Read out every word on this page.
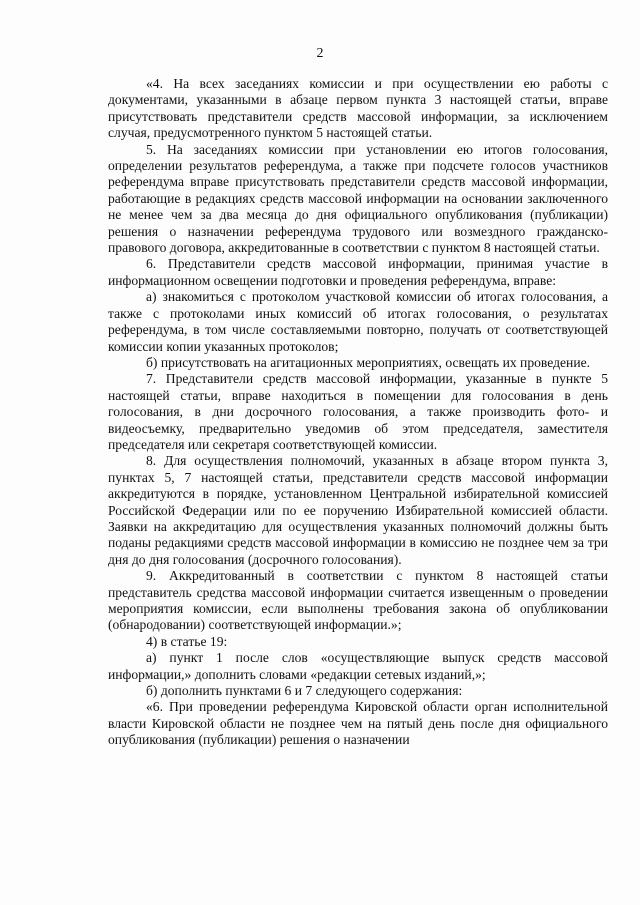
2

«4. На всех заседаниях комиссии и при осуществлении ею работы с документами, указанными в абзаце первом пункта 3 настоящей статьи, вправе присутствовать представители средств массовой информации, за исключением случая, предусмотренного пунктом 5 настоящей статьи.

5. На заседаниях комиссии при установлении ею итогов голосования, определении результатов референдума, а также при подсчете голосов участников референдума вправе присутствовать представители средств массовой информации, работающие в редакциях средств массовой информации на основании заключенного не менее чем за два месяца до дня официального опубликования (публикации) решения о назначении референдума трудового или возмездного гражданско-правового договора, аккредитованные в соответствии с пунктом 8 настоящей статьи.

6. Представители средств массовой информации, принимая участие в информационном освещении подготовки и проведения референдума, вправе:

а) знакомиться с протоколом участковой комиссии об итогах голосования, а также с протоколами иных комиссий об итогах голосования, о результатах референдума, в том числе составляемыми повторно, получать от соответствующей комиссии копии указанных протоколов;

б) присутствовать на агитационных мероприятиях, освещать их проведение.

7. Представители средств массовой информации, указанные в пункте 5 настоящей статьи, вправе находиться в помещении для голосования в день голосования, в дни досрочного голосования, а также производить фото- и видеосъемку, предварительно уведомив об этом председателя, заместителя председателя или секретаря соответствующей комиссии.

8. Для осуществления полномочий, указанных в абзаце втором пункта 3, пунктах 5, 7 настоящей статьи, представители средств массовой информации аккредитуются в порядке, установленном Центральной избирательной комиссией Российской Федерации или по ее поручению Избирательной комиссией области. Заявки на аккредитацию для осуществления указанных полномочий должны быть поданы редакциями средств массовой информации в комиссию не позднее чем за три дня до дня голосования (досрочного голосования).

9. Аккредитованный в соответствии с пунктом 8 настоящей статьи представитель средства массовой информации считается извещенным о проведении мероприятия комиссии, если выполнены требования закона об опубликовании (обнародовании) соответствующей информации.»;

4) в статье 19:

а) пункт 1 после слов «осуществляющие выпуск средств массовой информации,» дополнить словами «редакции сетевых изданий,»;

б) дополнить пунктами 6 и 7 следующего содержания:

«6. При проведении референдума Кировской области орган исполнительной власти Кировской области не позднее чем на пятый день после дня официального опубликования (публикации) решения о назначении
